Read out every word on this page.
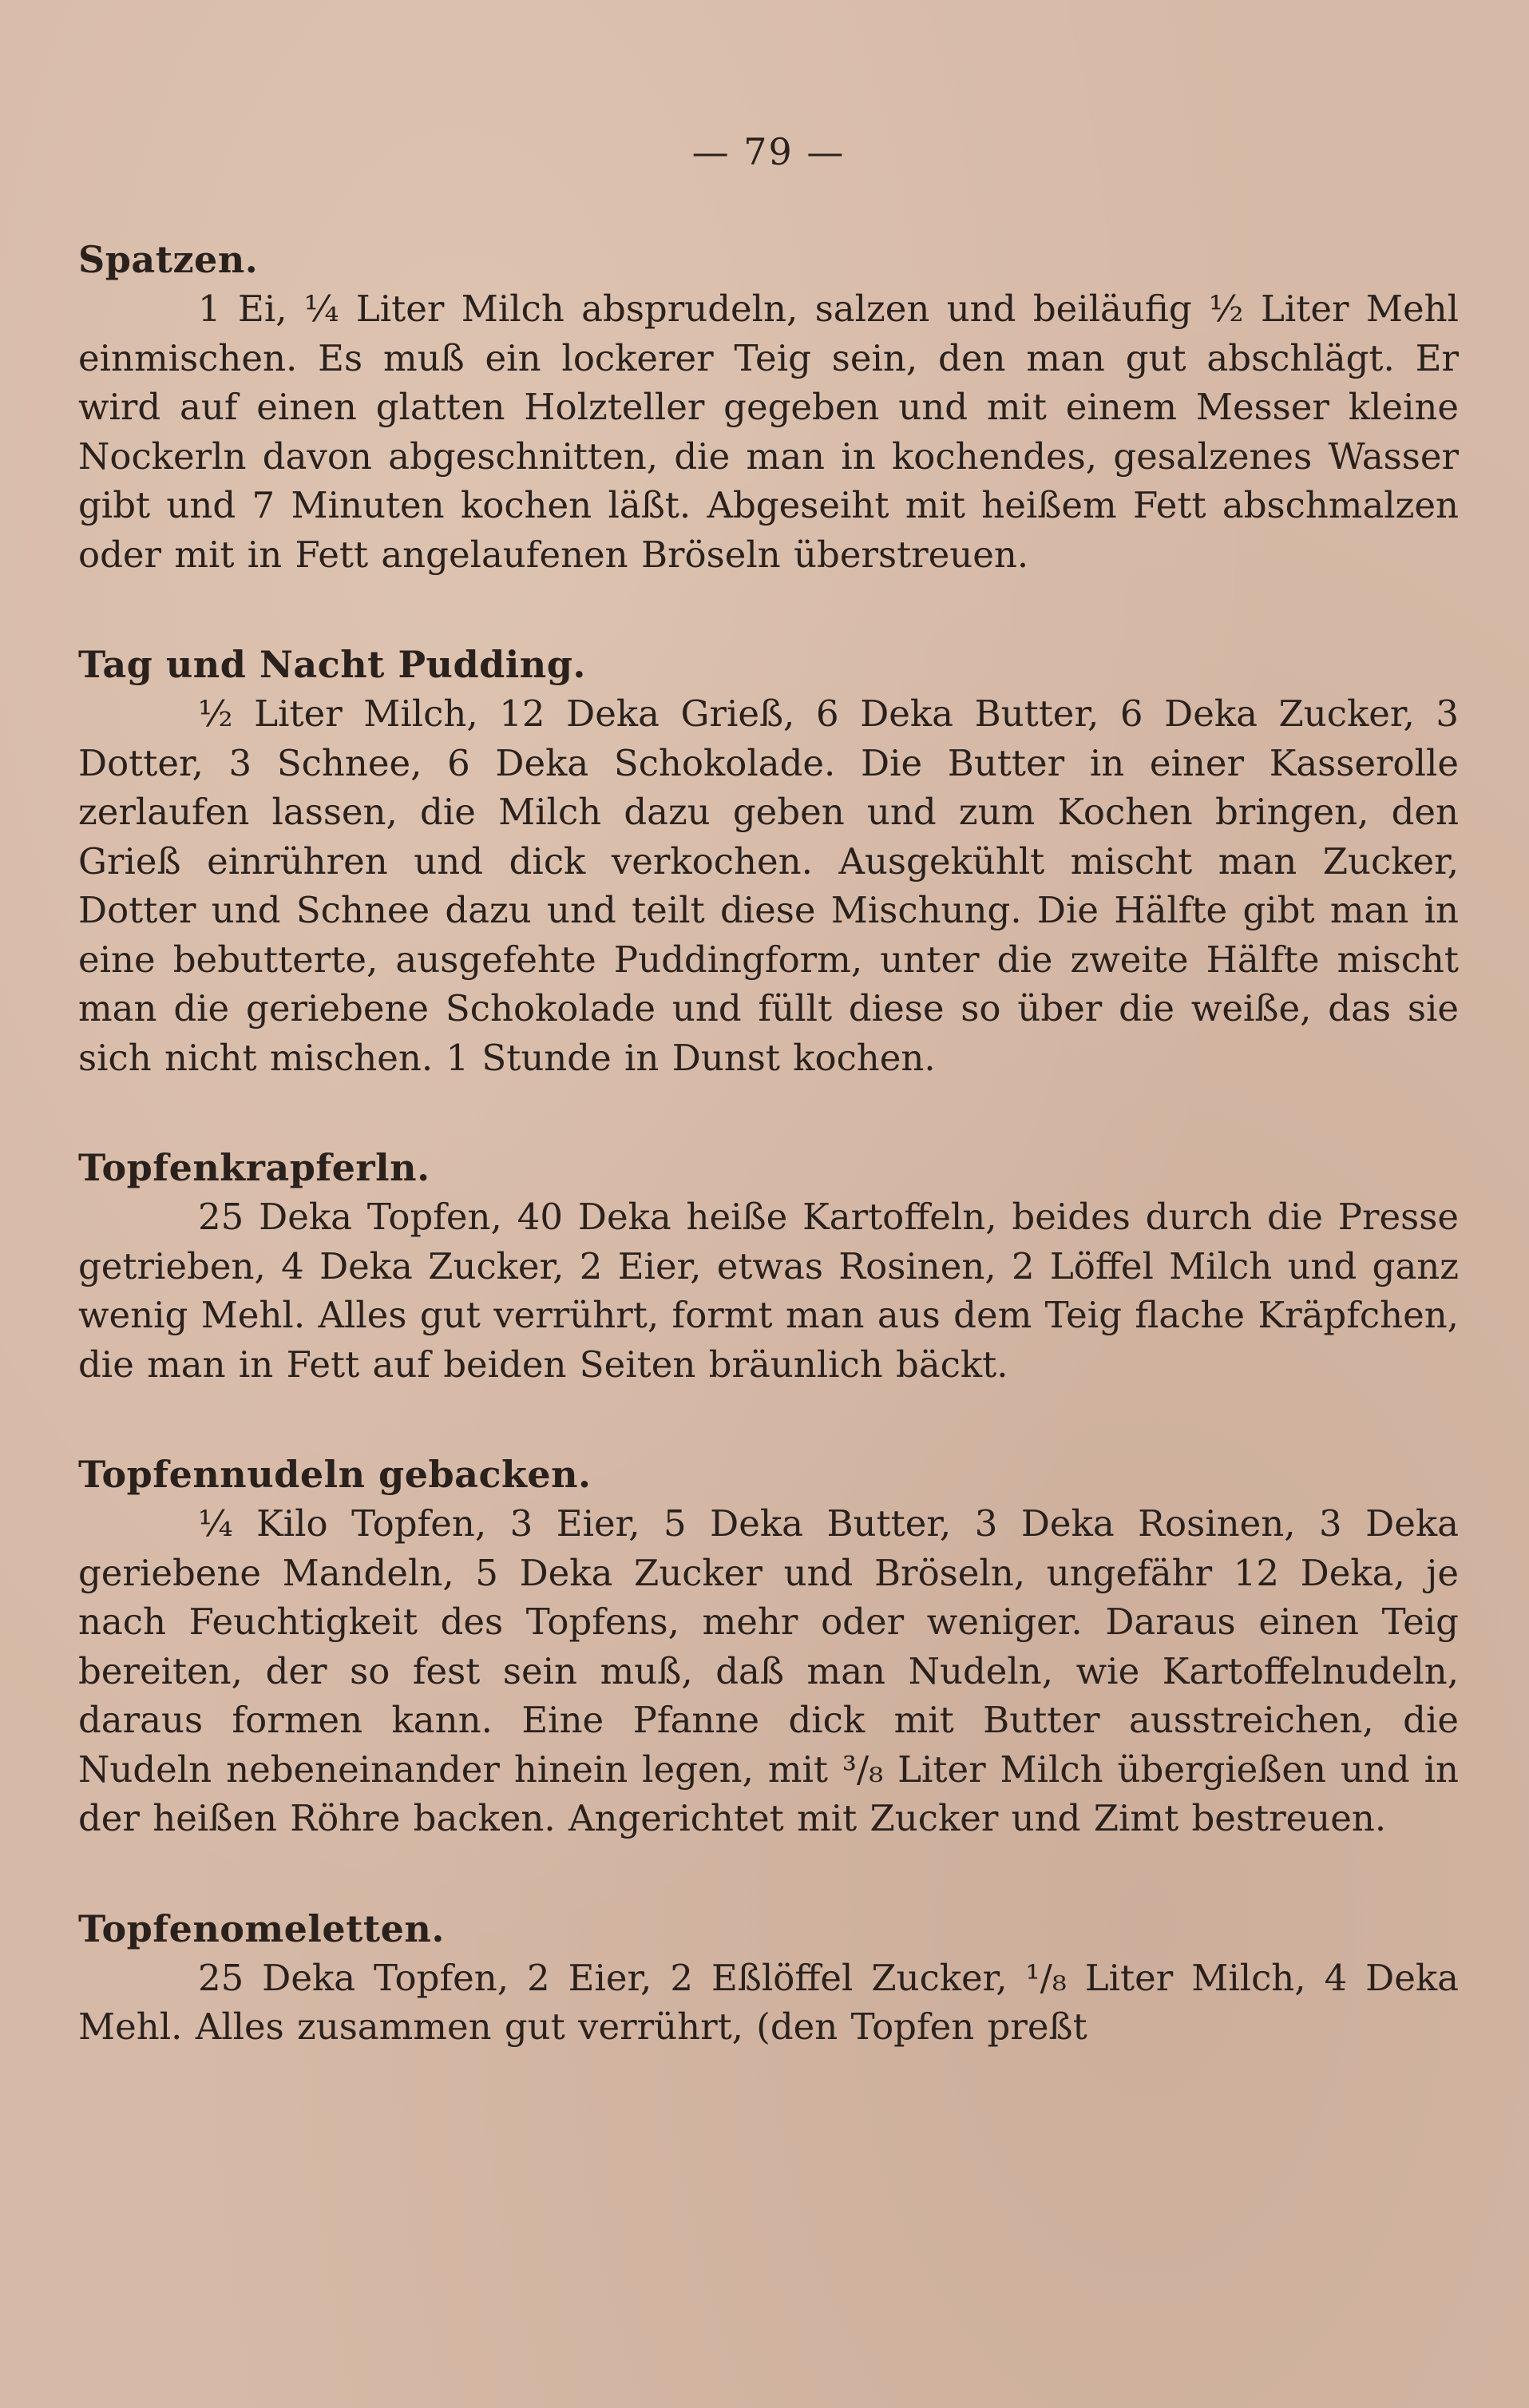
— 79 —
Spatzen.

1 Ei, ¼ Liter Milch absprudeln, salzen und beiläufig ½ Liter Mehl einmischen. Es muß ein lockerer Teig sein, den man gut abschlägt. Er wird auf einen glatten Holzteller gegeben und mit einem Messer kleine Nockerln davon abgeschnitten, die man in kochendes, gesalzenes Wasser gibt und 7 Minuten kochen läßt. Abgeseiht mit heißem Fett abschmalzen oder mit in Fett angelaufenen Bröseln überstreuen.

Tag und Nacht Pudding.

½ Liter Milch, 12 Deka Grieß, 6 Deka Butter, 6 Deka Zucker, 3 Dotter, 3 Schnee, 6 Deka Schokolade. Die Butter in einer Kasserolle zerlaufen lassen, die Milch dazu geben und zum Kochen bringen, den Grieß einrühren und dick verkochen. Ausgekühlt mischt man Zucker, Dotter und Schnee dazu und teilt diese Mischung. Die Hälfte gibt man in eine bebutterte, ausgefehte Puddingform, unter die zweite Hälfte mischt man die geriebene Schokolade und füllt diese so über die weiße, das sie sich nicht mischen. 1 Stunde in Dunst kochen.

Topfenkrapferln.

25 Deka Topfen, 40 Deka heiße Kartoffeln, beides durch die Presse getrieben, 4 Deka Zucker, 2 Eier, etwas Rosinen, 2 Löffel Milch und ganz wenig Mehl. Alles gut verrührt, formt man aus dem Teig flache Kräpfchen, die man in Fett auf beiden Seiten bräunlich bäckt.

Topfennudeln gebacken.

¼ Kilo Topfen, 3 Eier, 5 Deka Butter, 3 Deka Rosinen, 3 Deka geriebene Mandeln, 5 Deka Zucker und Bröseln, ungefähr 12 Deka, je nach Feuchtigkeit des Topfens, mehr oder weniger. Daraus einen Teig bereiten, der so fest sein muß, daß man Nudeln, wie Kartoffelnudeln, daraus formen kann. Eine Pfanne dick mit Butter ausstreichen, die Nudeln nebeneinander hinein legen, mit ³/₈ Liter Milch übergießen und in der heißen Röhre backen. Angerichtet mit Zucker und Zimt bestreuen.

Topfenomeletten.

25 Deka Topfen, 2 Eier, 2 Eßlöffel Zucker, ¹/₈ Liter Milch, 4 Deka Mehl. Alles zusammen gut verrührt, (den Topfen preßt
